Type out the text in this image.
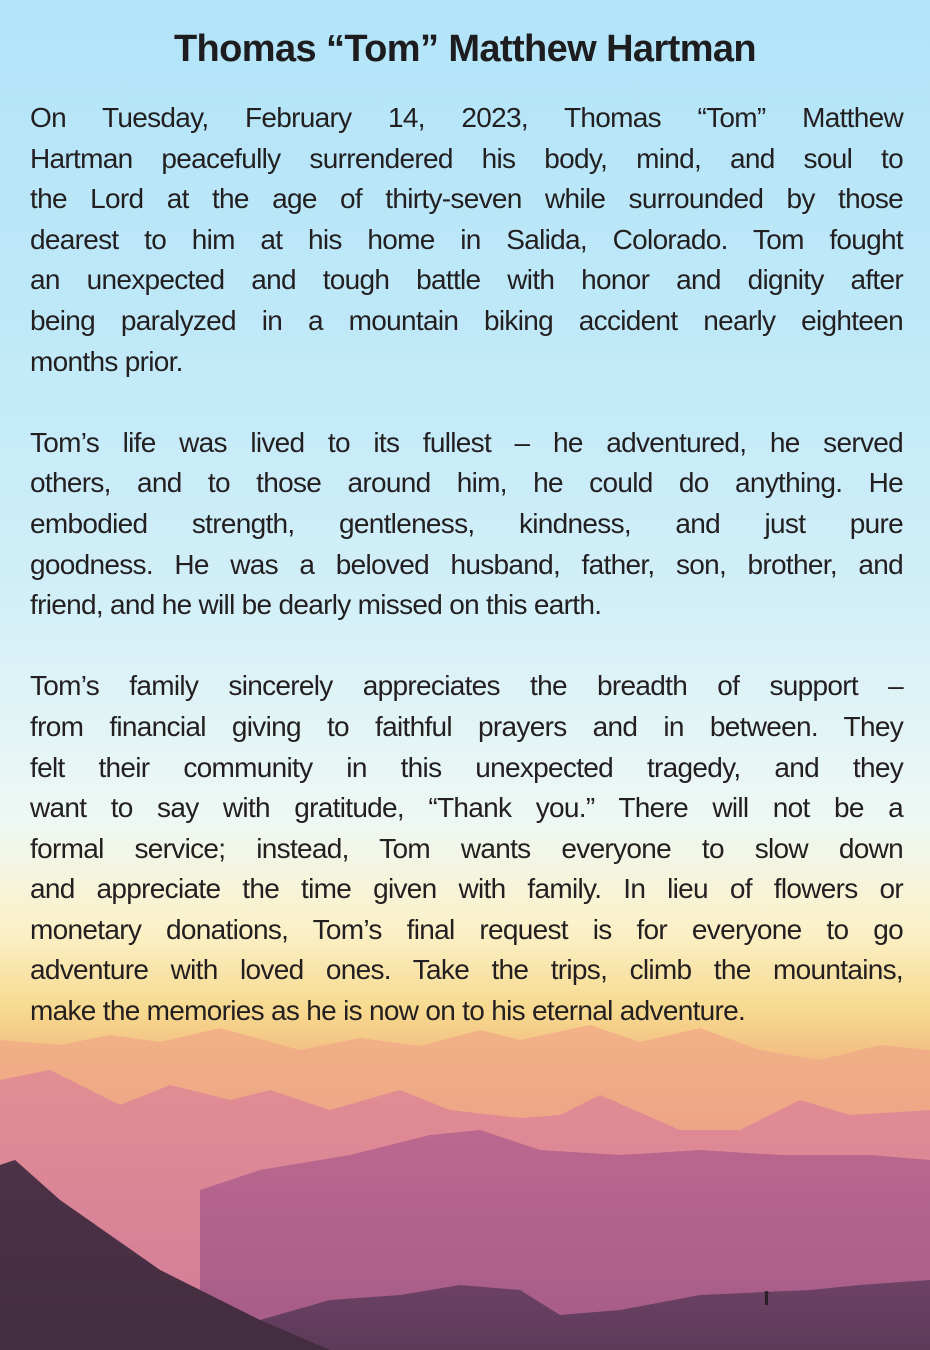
Thomas “Tom” Matthew Hartman
On Tuesday, February 14, 2023, Thomas “Tom” Matthew
Hartman peacefully surrendered his body, mind, and soul to
the Lord at the age of thirty-seven while surrounded by those
dearest to him at his home in Salida, Colorado. Tom fought
an unexpected and tough battle with honor and dignity after
being paralyzed in a mountain biking accident nearly eighteen
months prior.
Tom’s life was lived to its fullest – he adventured, he served
others, and to those around him, he could do anything. He
embodied strength, gentleness, kindness, and just pure
goodness. He was a beloved husband, father, son, brother, and
friend, and he will be dearly missed on this earth.
Tom’s family sincerely appreciates the breadth of support –
from financial giving to faithful prayers and in between. They
felt their community in this unexpected tragedy, and they
want to say with gratitude, “Thank you.” There will not be a
formal service; instead, Tom wants everyone to slow down
and appreciate the time given with family. In lieu of flowers or
monetary donations, Tom’s final request is for everyone to go
adventure with loved ones. Take the trips, climb the mountains,
make the memories as he is now on to his eternal adventure.
